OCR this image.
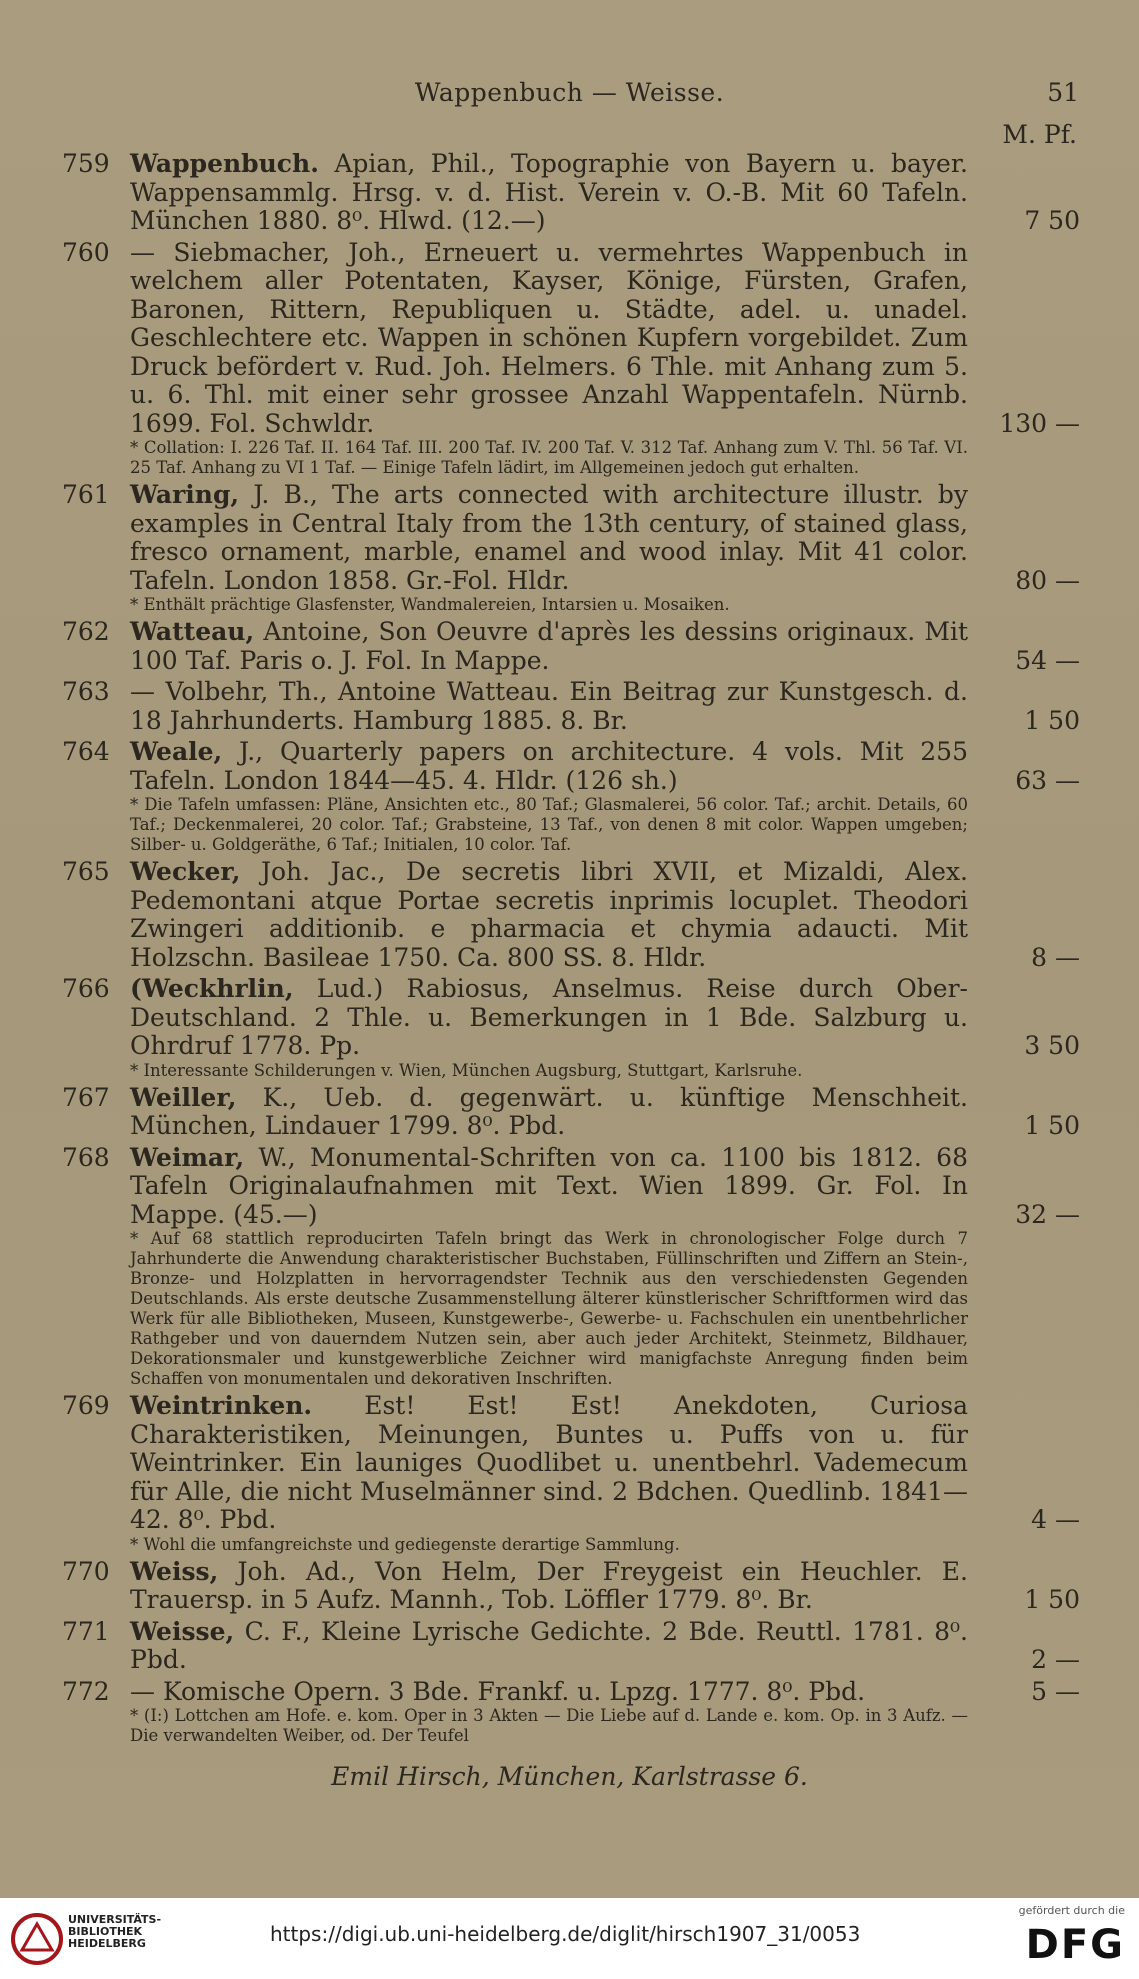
Wappenbuch — Weisse.	51
M. Pf.
759 Wappenbuch. Apian, Phil., Topographie von Bayern u. bayer. Wappensammlg. Hrsg. v. d. Hist. Verein v. O.-B. Mit 60 Tafeln. München 1880. 8⁰. Hlwd. (12.—)	7 50
760 — Siebmacher, Joh., Erneuert u. vermehrtes Wappenbuch in welchem aller Potentaten, Kayser, Könige, Fürsten, Grafen, Baronen, Rittern, Republiquen u. Städte, adel. u. unadel. Geschlechtere etc. Wappen in schönen Kupfern vorgebildet. Zum Druck befördert v. Rud. Joh. Helmers. 6 Thle. mit Anhang zum 5. u. 6. Thl. mit einer sehr grossee Anzahl Wappentafeln. Nürnb. 1699. Fol. Schwldr.	130 —
* Collation: I. 226 Taf. II. 164 Taf. III. 200 Taf. IV. 200 Taf. V. 312 Taf. Anhang zum V. Thl. 56 Taf. VI. 25 Taf. Anhang zu VI 1 Taf. — Einige Tafeln lädirt, im Allgemeinen jedoch gut erhalten.
761 Waring, J. B., The arts connected with architecture illustr. by examples in Central Italy from the 13th century, of stained glass, fresco ornament, marble, enamel and wood inlay. Mit 41 color. Tafeln. London 1858. Gr.-Fol. Hldr.	80 —
* Enthält prächtige Glasfenster, Wandmalereien, Intarsien u. Mosaiken.
762 Watteau, Antoine, Son Oeuvre d'après les dessins originaux. Mit 100 Taf. Paris o. J. Fol. In Mappe.	54 —
763 — Volbehr, Th., Antoine Watteau. Ein Beitrag zur Kunstgesch. d. 18 Jahrhunderts. Hamburg 1885. 8. Br.	1 50
764 Weale, J., Quarterly papers on architecture. 4 vols. Mit 255 Tafeln. London 1844—45. 4. Hldr. (126 sh.)	63 —
* Die Tafeln umfassen: Pläne, Ansichten etc., 80 Taf.; Glasmalerei, 56 color. Taf.; archit. Details, 60 Taf.; Deckenmalerei, 20 color. Taf.; Grabsteine, 13 Taf., von denen 8 mit color. Wappen umgeben; Silber- u. Goldgeräthe, 6 Taf.; Initialen, 10 color. Taf.
765 Wecker, Joh. Jac., De secretis libri XVII, et Mizaldi, Alex. Pedemontani atque Portae secretis inprimis locuplet. Theodori Zwingeri additionib. e pharmacia et chymia adaucti. Mit Holzschn. Basileae 1750. Ca. 800 SS. 8. Hldr.	8 —
766 (Weckhrlin, Lud.) Rabiosus, Anselmus. Reise durch Ober-Deutschland. 2 Thle. u. Bemerkungen in 1 Bde. Salzburg u. Ohrdruf 1778. Pp.	3 50
* Interessante Schilderungen v. Wien, München Augsburg, Stuttgart, Karlsruhe.
767 Weiller, K., Ueb. d. gegenwärt. u. künftige Menschheit. München, Lindauer 1799. 8⁰. Pbd.	1 50
768 Weimar, W., Monumental-Schriften von ca. 1100 bis 1812. 68 Tafeln Originalaufnahmen mit Text. Wien 1899. Gr. Fol. In Mappe. (45.—)	32 —
* Auf 68 stattlich reproducirten Tafeln bringt das Werk in chronologischer Folge durch 7 Jahrhunderte die Anwendung charakteristischer Buchstaben, Füllinschriften und Ziffern an Stein-, Bronze- und Holzplatten in hervorragendster Technik aus den verschiedensten Gegenden Deutschlands. Als erste deutsche Zusammenstellung älterer künstlerischer Schriftformen wird das Werk für alle Bibliotheken, Museen, Kunstgewerbe-, Gewerbe- u. Fachschulen ein unentbehrlicher Rathgeber und von dauerndem Nutzen sein, aber auch jeder Architekt, Steinmetz, Bildhauer, Dekorationsmaler und kunstgewerbliche Zeichner wird manigfachste Anregung finden beim Schaffen von monumentalen und dekorativen Inschriften.
769 Weintrinken. Est! Est! Est! Anekdoten, Curiosa Charakteristiken, Meinungen, Buntes u. Puffs von u. für Weintrinker. Ein launiges Quodlibet u. unentbehrl. Vademecum für Alle, die nicht Muselmänner sind. 2 Bdchen. Quedlinb. 1841—42. 8⁰. Pbd.	4 —
* Wohl die umfangreichste und gediegenste derartige Sammlung.
770 Weiss, Joh. Ad., Von Helm, Der Freygeist ein Heuchler. E. Trauersp. in 5 Aufz. Mannh., Tob. Löffler 1779. 8⁰. Br.	1 50
771 Weisse, C. F., Kleine Lyrische Gedichte. 2 Bde. Reuttl. 1781. 8⁰. Pbd.	2 —
772 — Komische Opern. 3 Bde. Frankf. u. Lpzg. 1777. 8⁰. Pbd.	5 —
* (I:) Lottchen am Hofe. e. kom. Oper in 3 Akten — Die Liebe auf d. Lande e. kom. Op. in 3 Aufz. — Die verwandelten Weiber, od. Der Teufel
Emil Hirsch, München, Karlstrasse 6.
UNIVERSITÄTS-
BIBLIOTHEK
HEIDELBERG	https://digi.ub.uni-heidelberg.de/diglit/hirsch1907_31/0053
gefördert durch die
DFG
